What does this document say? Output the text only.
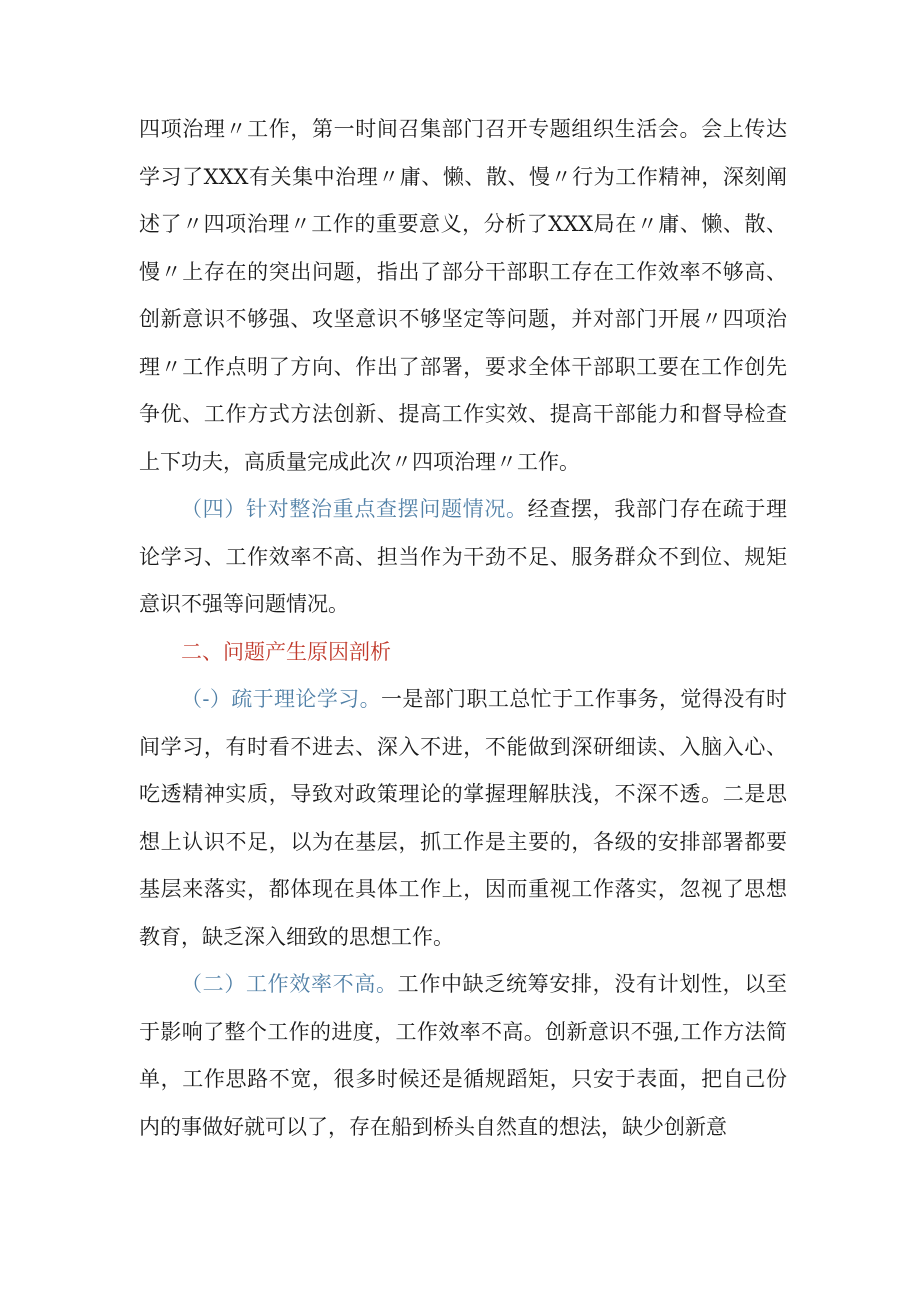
四项治理〃工作，第一时间召集部门召开专题组织生活会。会上传达学习了XXX有关集中治理〃庸、懒、散、慢〃行为工作精神，深刻阐述了〃四项治理〃工作的重要意义，分析了XXX局在〃庸、懒、散、慢〃上存在的突出问题，指出了部分干部职工存在工作效率不够高、创新意识不够强、攻坚意识不够坚定等问题，并对部门开展〃四项治理〃工作点明了方向、作出了部署，要求全体干部职工要在工作创先争优、工作方式方法创新、提高工作实效、提高干部能力和督导检查上下功夫，高质量完成此次〃四项治理〃工作。

（四）针对整治重点查摆问题情况。经查摆，我部门存在疏于理论学习、工作效率不高、担当作为干劲不足、服务群众不到位、规矩意识不强等问题情况。

二、问题产生原因剖析

（-）疏于理论学习。一是部门职工总忙于工作事务，觉得没有时间学习，有时看不进去、深入不进，不能做到深研细读、入脑入心、吃透精神实质，导致对政策理论的掌握理解肤浅，不深不透。二是思想上认识不足，以为在基层，抓工作是主要的，各级的安排部署都要基层来落实，都体现在具体工作上，因而重视工作落实，忽视了思想教育，缺乏深入细致的思想工作。

（二）工作效率不高。工作中缺乏统筹安排，没有计划性，以至于影响了整个工作的进度，工作效率不高。创新意识不强,工作方法简单，工作思路不宽，很多时候还是循规蹈矩，只安于表面，把自己份内的事做好就可以了，存在船到桥头自然直的想法，缺少创新意
